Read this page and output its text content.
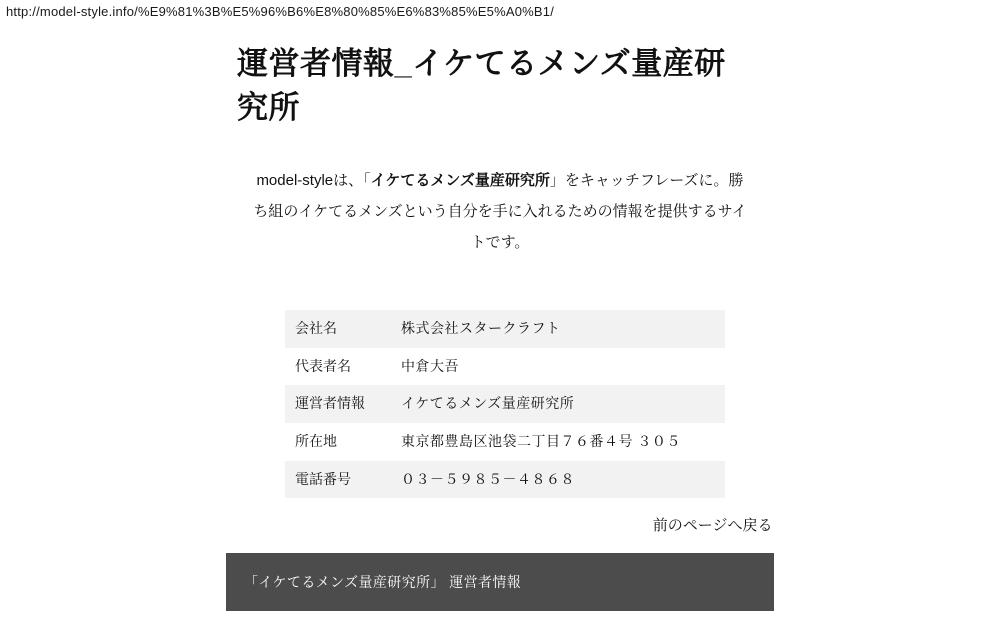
http://model-style.info/%E9%81%3B%E5%96%B6%E8%80%85%E6%83%85%E5%A0%B1/
運営者情報_イケてるメンズ量産研究所

model-styleは、「イケてるメンズ量産研究所」をキャッチフレーズに。勝ち組のイケてるメンズという自分を手に入れるための情報を提供するサイトです。

会社名	株式会社スタークラフト
代表者名	中倉大吾
運営者情報	イケてるメンズ量産研究所
所在地	東京都豊島区池袋二丁目７６番４号 ３０５
電話番号	０３－５９８５－４８６８
前のページへ戻る
「イケてるメンズ量産研究所」 運営者情報
